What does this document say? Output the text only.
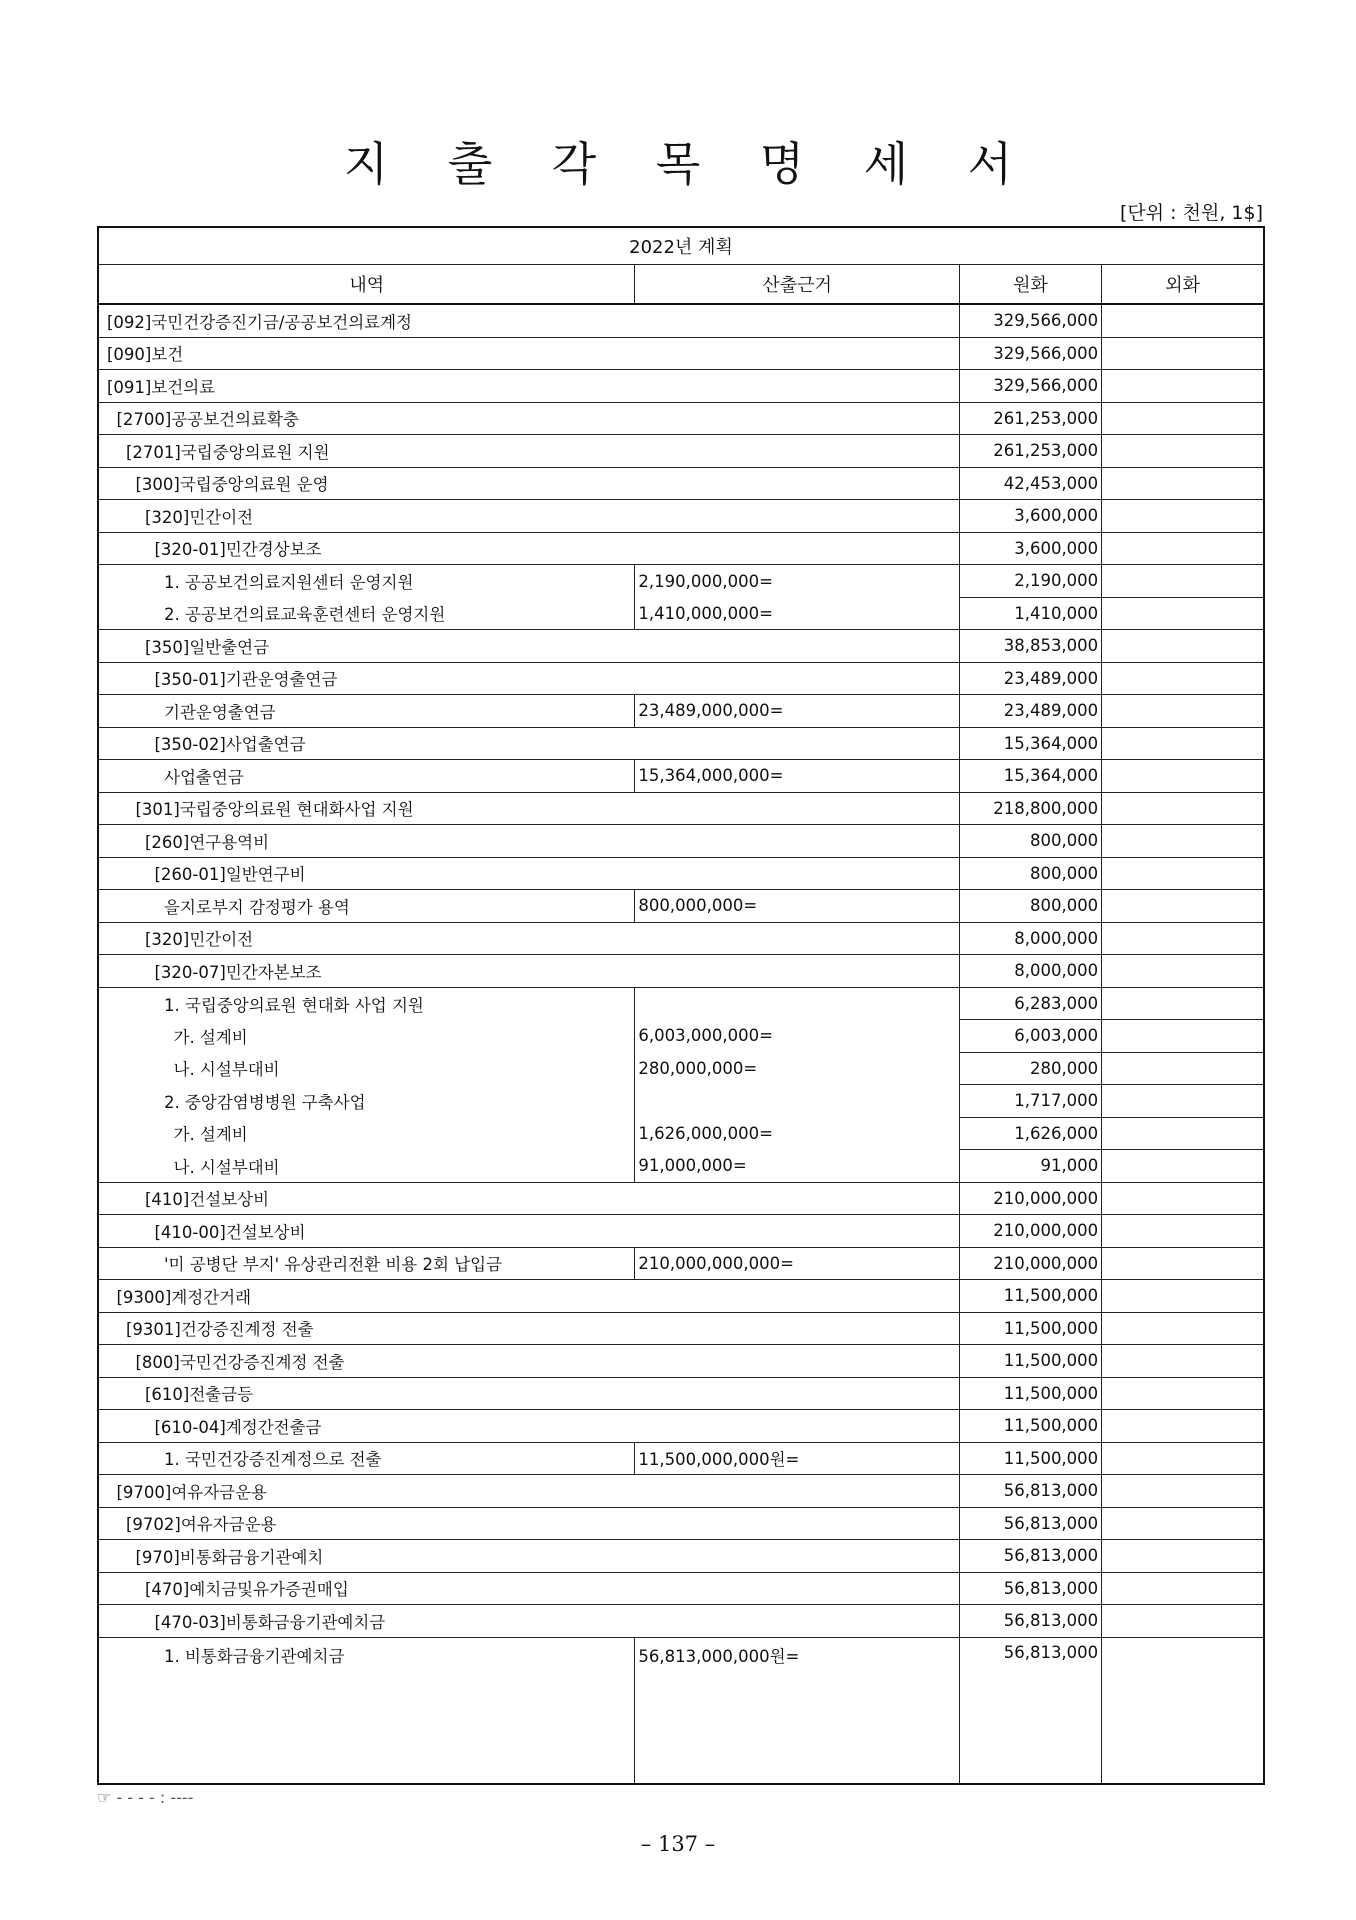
지 출 각 목 명 세 서
[단위 : 천원, 1$]
2022년 계획			
내역	산출근거	원화	외화
[092]국민건강증진기금/공공보건의료계정		329,566,000	
[090]보건		329,566,000	
[091]보건의료		329,566,000	
[2700]공공보건의료확충		261,253,000	
[2701]국립중앙의료원 지원		261,253,000	
[300]국립중앙의료원 운영		42,453,000	
[320]민간이전		3,600,000	
[320-01]민간경상보조		3,600,000	
1. 공공보건의료지원센터 운영지원	2,190,000,000=	2,190,000	
2. 공공보건의료교육훈련센터 운영지원	1,410,000,000=	1,410,000	
[350]일반출연금		38,853,000	
[350-01]기관운영출연금		23,489,000	
기관운영출연금	23,489,000,000=	23,489,000	
[350-02]사업출연금		15,364,000	
사업출연금	15,364,000,000=	15,364,000	
[301]국립중앙의료원 현대화사업 지원		218,800,000	
[260]연구용역비		800,000	
[260-01]일반연구비		800,000	
을지로부지 감정평가 용역	800,000,000=	800,000	
[320]민간이전		8,000,000	
[320-07]민간자본보조		8,000,000	
1. 국립중앙의료원 현대화 사업 지원		6,283,000	
가. 설계비	6,003,000,000=	6,003,000	
나. 시설부대비	280,000,000=	280,000	
2. 중앙감염병병원 구축사업		1,717,000	
가. 설계비	1,626,000,000=	1,626,000	
나. 시설부대비	91,000,000=	91,000	
[410]건설보상비		210,000,000	
[410-00]건설보상비		210,000,000	
'미 공병단 부지' 유상관리전환 비용 2회 납입금	210,000,000,000=	210,000,000	
[9300]계정간거래		11,500,000	
[9301]건강증진계정 전출		11,500,000	
[800]국민건강증진계정 전출		11,500,000	
[610]전출금등		11,500,000	
[610-04]계정간전출금		11,500,000	
1. 국민건강증진계정으로 전출	11,500,000,000원=	11,500,000	
[9700]여유자금운용		56,813,000	
[9702]여유자금운용		56,813,000	
[970]비통화금융기관예치		56,813,000	
[470]예치금및유가증권매입		56,813,000	
[470-03]비통화금융기관예치금		56,813,000	
1. 비통화금융기관예치금	56,813,000,000원=	56,813,000	
☞ - - - - : ----
– 137 –
